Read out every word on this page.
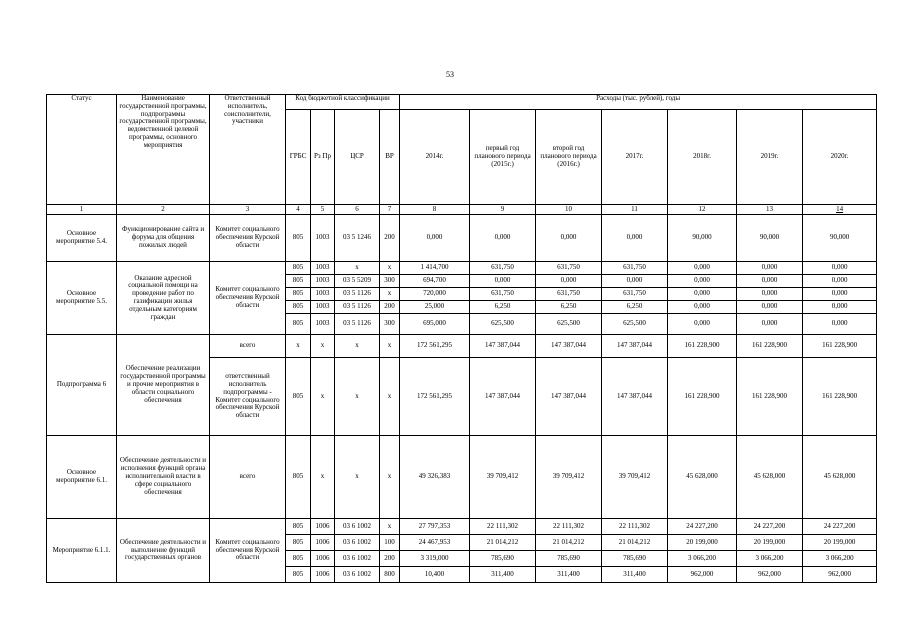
53
Статус	Наименование государственной программы, подпрограммы государственной программы, ведомственной целевой программы, основного мероприятия	Ответственный исполнитель, соисполнители, участники	Код бюджетной классификации				Расходы (тыс. рублей), годы						
			ГРБС	Рз Пр	ЦСР	ВР	2014г.	первый год планового периода (2015г.)	второй год планового периода (2016г.)	2017г.	2018г.	2019г.	2020г.
1	2	3	4	5	6	7	8	9	10	11	12	13	14
Основное мероприятие 5.4.	Функционирование сайта и форума для общения пожилых людей	Комитет социального обеспечения Курской области	805	1003	03 5 1246	200	0,000	0,000	0,000	0,000	90,000	90,000	90,000
Основное мероприятие 5.5.	Оказание адресной социальной помощи на проведение работ по газификации жилья отдельным категориям граждан	Комитет социального обеспечения Курской области	805	1003	x	x	1 414,700	631,750	631,750	631,750	0,000	0,000	0,000
			805	1003	03 5 5209	300	694,700	0,000	0,000	0,000	0,000	0,000	0,000
			805	1003	03 5 1126	x	720,000	631,750	631,750	631,750	0,000	0,000	0,000
			805	1003	03 5 1126	200	25,000	6,250	6,250	6,250	0,000	0,000	0,000
			805	1003	03 5 1126	300	695,000	625,500	625,500	625,500	0,000	0,000	0,000
Подпрограмма 6	Обеспечение реализации государственной программы и прочие мероприятия в области социального обеспечения	всего	x	x	x	x	172 561,295	147 387,044	147 387,044	147 387,044	161 228,900	161 228,900	161 228,900
		ответственный исполнитель подпрограммы - Комитет социального обеспечения Курской области	805	x	x	x	172 561,295	147 387,044	147 387,044	147 387,044	161 228,900	161 228,900	161 228,900
Основное мероприятие 6.1.	Обеспечение деятельности и исполнения функций органа исполнительной власти в сфере социального обеспечения	всего	805	x	x	x	49 326,383	39 709,412	39 709,412	39 709,412	45 628,000	45 628,000	45 628,000
Мероприятие 6.1.1.	Обеспечение деятельности и выполнение функций государственных органов	Комитет социального обеспечения Курской области	805	1006	03 6 1002	x	27 797,353	22 111,302	22 111,302	22 111,302	24 227,200	24 227,200	24 227,200
			805	1006	03 6 1002	100	24 467,953	21 014,212	21 014,212	21 014,212	20 199,000	20 199,000	20 199,000
			805	1006	03 6 1002	200	3 319,000	785,690	785,690	785,690	3 066,200	3 066,200	3 066,200
			805	1006	03 6 1002	800	10,400	311,400	311,400	311,400	962,000	962,000	962,000
